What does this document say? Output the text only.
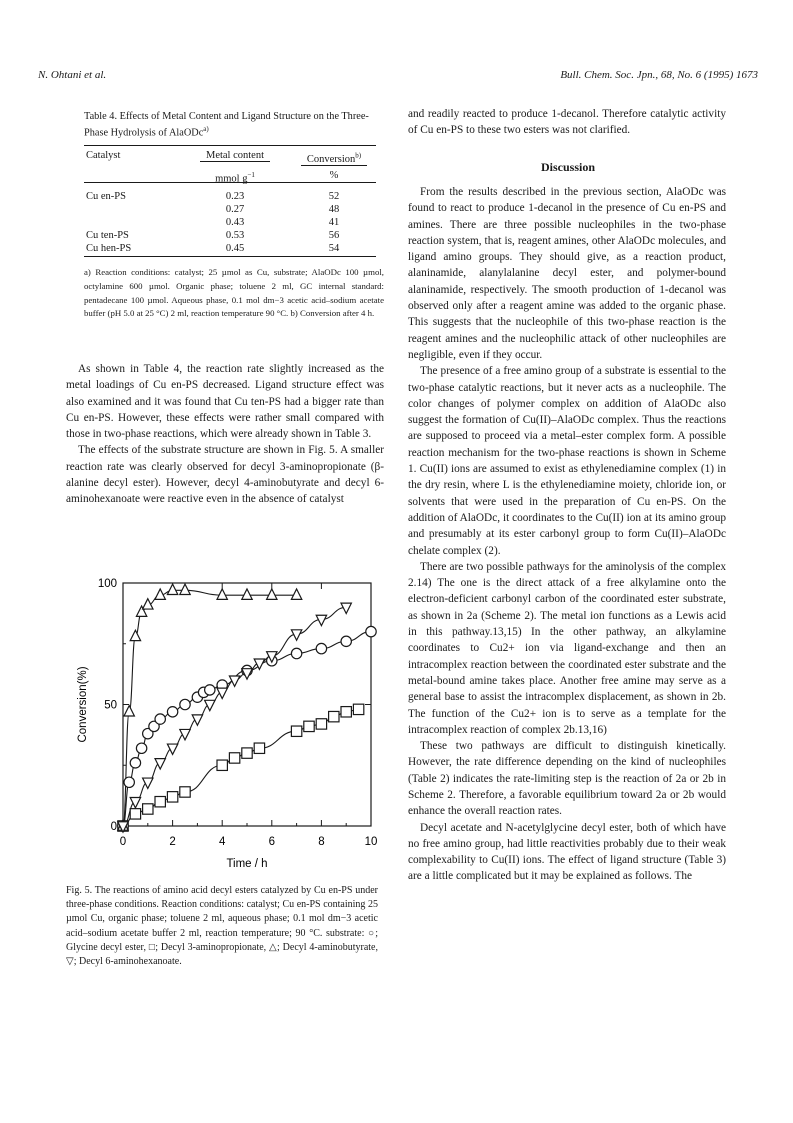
N. Ohtani et al.	Bull. Chem. Soc. Jpn., 68, No. 6 (1995) 1673
Table 4. Effects of Metal Content and Ligand Structure on the Three-Phase Hydrolysis of AlaODc$^{a)}$
Catalyst	Metal content	Conversion$^{b)}$
	mmol $g^{-1}$	%
Cu en-PS	0.23	52
	0.27	48
	0.43	41
Cu ten-PS	0.53	56
Cu hen-PS	0.45	54
a) Reaction conditions: catalyst; 25 µmol as Cu, substrate; AlaODc 100 µmol, octylamine 600 µmol. Organic phase; toluene 2 ml, GC internal standard: pentadecane 100 µmol. Aqueous phase, 0.1 mol dm−3 acetic acid–sodium acetate buffer (pH 5.0 at 25 °C) 2 ml, reaction temperature 90 °C. b) Conversion after 4 h.

As shown in Table 4, the reaction rate slightly increased as the metal loadings of Cu en-PS decreased. Ligand structure effect was also examined and it was found that Cu ten-PS had a bigger rate than Cu en-PS. However, these effects were rather small compared with those in two-phase reactions, which were already shown in Table 3.

The effects of the substrate structure are shown in Fig. 5. A smaller reaction rate was clearly observed for decyl 3-aminopropionate (β-alanine decyl ester). However, decyl 4-aminobutyrate and decyl 6-aminohexanoate were reactive even in the absence of catalyst

0	2	4	6	8	10
0
50
100
Time / h
Conversion(%)
Fig. 5. The reactions of amino acid decyl esters catalyzed by Cu en-PS under three-phase conditions. Reaction conditions: catalyst; Cu en-PS containing 25 µmol Cu, organic phase; toluene 2 ml, aqueous phase; 0.1 mol dm−3 acetic acid–sodium acetate buffer 2 ml, reaction temperature; 90 °C. substrate: ○; Glycine decyl ester, □; Decyl 3-aminopropionate, △; Decyl 4-aminobutyrate, ▽; Decyl 6-aminohexanoate.

and readily reacted to produce 1-decanol. Therefore catalytic activity of Cu en-PS to these two esters was not clarified.

Discussion

From the results described in the previous section, AlaODc was found to react to produce 1-decanol in the presence of Cu en-PS and amines. There are three possible nucleophiles in the two-phase reaction system, that is, reagent amines, other AlaODc molecules, and ligand amino groups. They should give, as a reaction product, alaninamide, alanylalanine decyl ester, and polymer-bound alaninamide, respectively. The smooth production of 1-decanol was observed only after a reagent amine was added to the organic phase. This suggests that the nucleophile of this two-phase reaction is the reagent amines and the nucleophilic attack of other nucleophiles are negligible, even if they occur.

The presence of a free amino group of a substrate is essential to the two-phase catalytic reactions, but it never acts as a nucleophile. The color changes of polymer complex on addition of AlaODc also suggest the formation of Cu(II)–AlaODc complex. Thus the reactions are supposed to proceed via a metal–ester complex form. A possible reaction mechanism for the two-phase reactions is shown in Scheme 1. Cu(II) ions are assumed to exist as ethylenediamine complex (1) in the dry resin, where L is the ethylenediamine moiety, chloride ion, or solvents that were used in the preparation of Cu en-PS. On the addition of AlaODc, it coordinates to the Cu(II) ion at its amino group and presumably at its ester carbonyl group to form Cu(II)–AlaODc chelate complex (2).

There are two possible pathways for the aminolysis of the complex 2.14) The one is the direct attack of a free alkylamine onto the electron-deficient carbonyl carbon of the coordinated ester substrate, as shown in 2a (Scheme 2). The metal ion functions as a Lewis acid in this pathway.13,15) In the other pathway, an alkylamine coordinates to Cu2+ ion via ligand-exchange and then an intracomplex reaction between the coordinated ester substrate and the metal-bound amine takes place. Another free amine may serve as a general base to assist the intracomplex displacement, as shown in 2b. The function of the Cu2+ ion is to serve as a template for the intracomplex reaction of complex 2b.13,16)

These two pathways are difficult to distinguish kinetically. However, the rate difference depending on the kind of nucleophiles (Table 2) indicates the rate-limiting step is the reaction of 2a or 2b in Scheme 2. Therefore, a favorable equilibrium toward 2a or 2b would enhance the overall reaction rates.

Decyl acetate and N-acetylglycine decyl ester, both of which have no free amino group, had little reactivities probably due to their weak complexability to Cu(II) ions. The effect of ligand structure (Table 3) are a little complicated but it may be explained as follows. The
